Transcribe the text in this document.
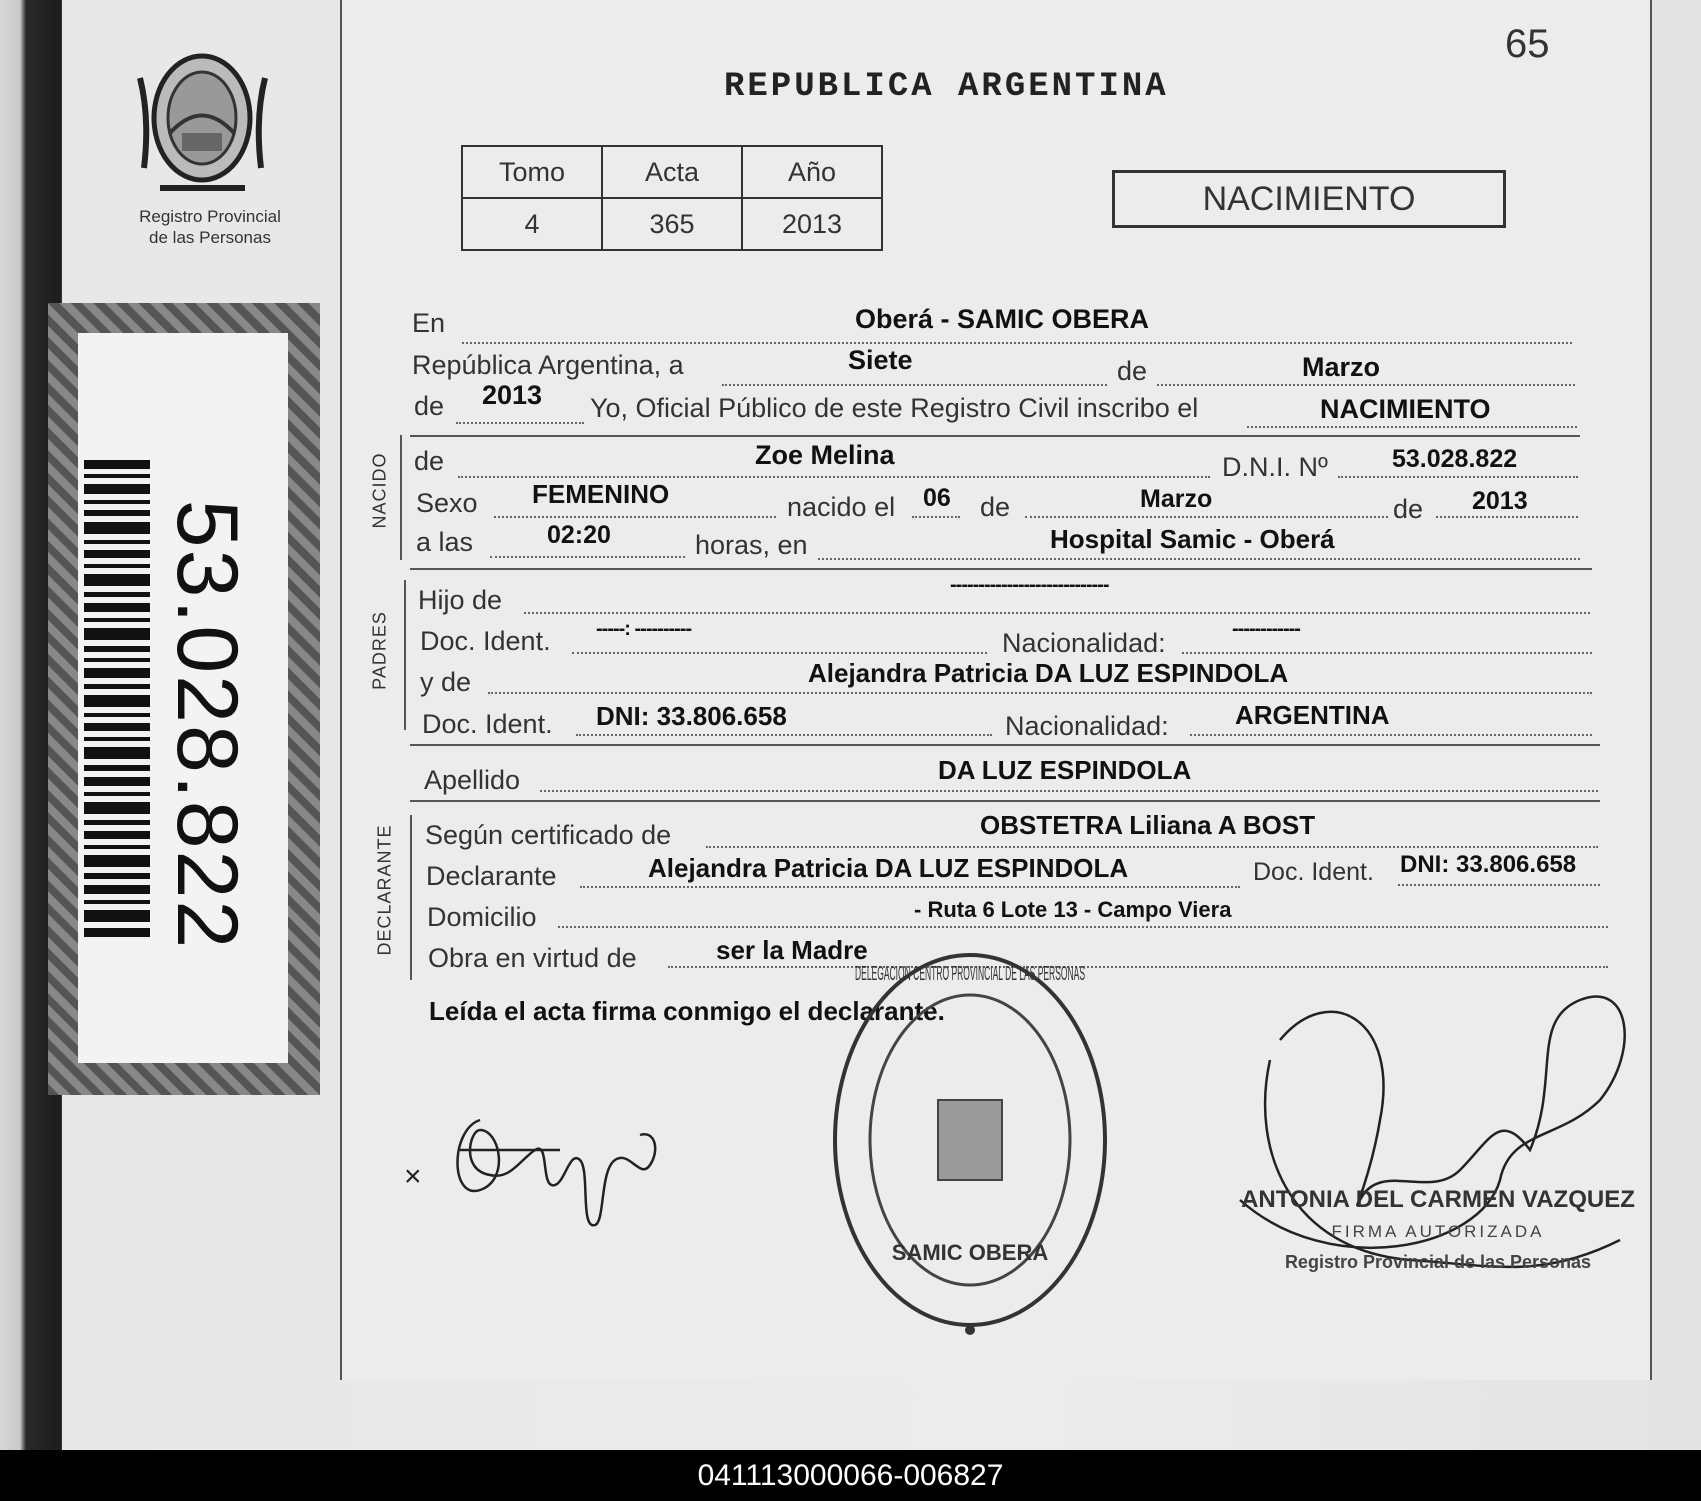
Registro Provincial
de las Personas
53.028.822
65
REPUBLICA ARGENTINA
Tomo	Acta	Año
4	365	2013
NACIMIENTO
En	Oberá - SAMIC OBERA
República Argentina, a	Siete	de	Marzo
de 2013 Yo, Oficial Público de este Registro Civil inscribo el	NACIMIENTO
NACIDO de	Zoe Melina	D.N.I. Nº	53.028.822
Sexo FEMENINO	nacido el 06 de	Marzo	de 2013
a las	02:20	horas, en	Hospital Samic - Oberá
PADRES
Hijo de	----------------------------
Doc. Ident. -----: ----------	Nacionalidad:	------------
y de	Alejandra Patricia DA LUZ ESPINDOLA
Doc. Ident. DNI: 33.806.658	Nacionalidad:	ARGENTINA
Apellido	DA LUZ ESPINDOLA
DECLARANTE Según certificado de	OBSTETRA Liliana A BOST
Declarante	Alejandra Patricia DA LUZ ESPINDOLA	Doc. Ident. DNI: 33.806.658
Domicilio	- Ruta 6 Lote 13 - Campo Viera
Obra en virtud de	ser la Madre
Leída el acta firma conmigo el declarante.
×
DELEGACION CENTRO PROVINCIAL DE LAS PERSONAS
SAMIC OBERA
ANTONIA DEL CARMEN VAZQUEZ
FIRMA AUTORIZADA
Registro Provincial de las Personas
041113000066-006827
